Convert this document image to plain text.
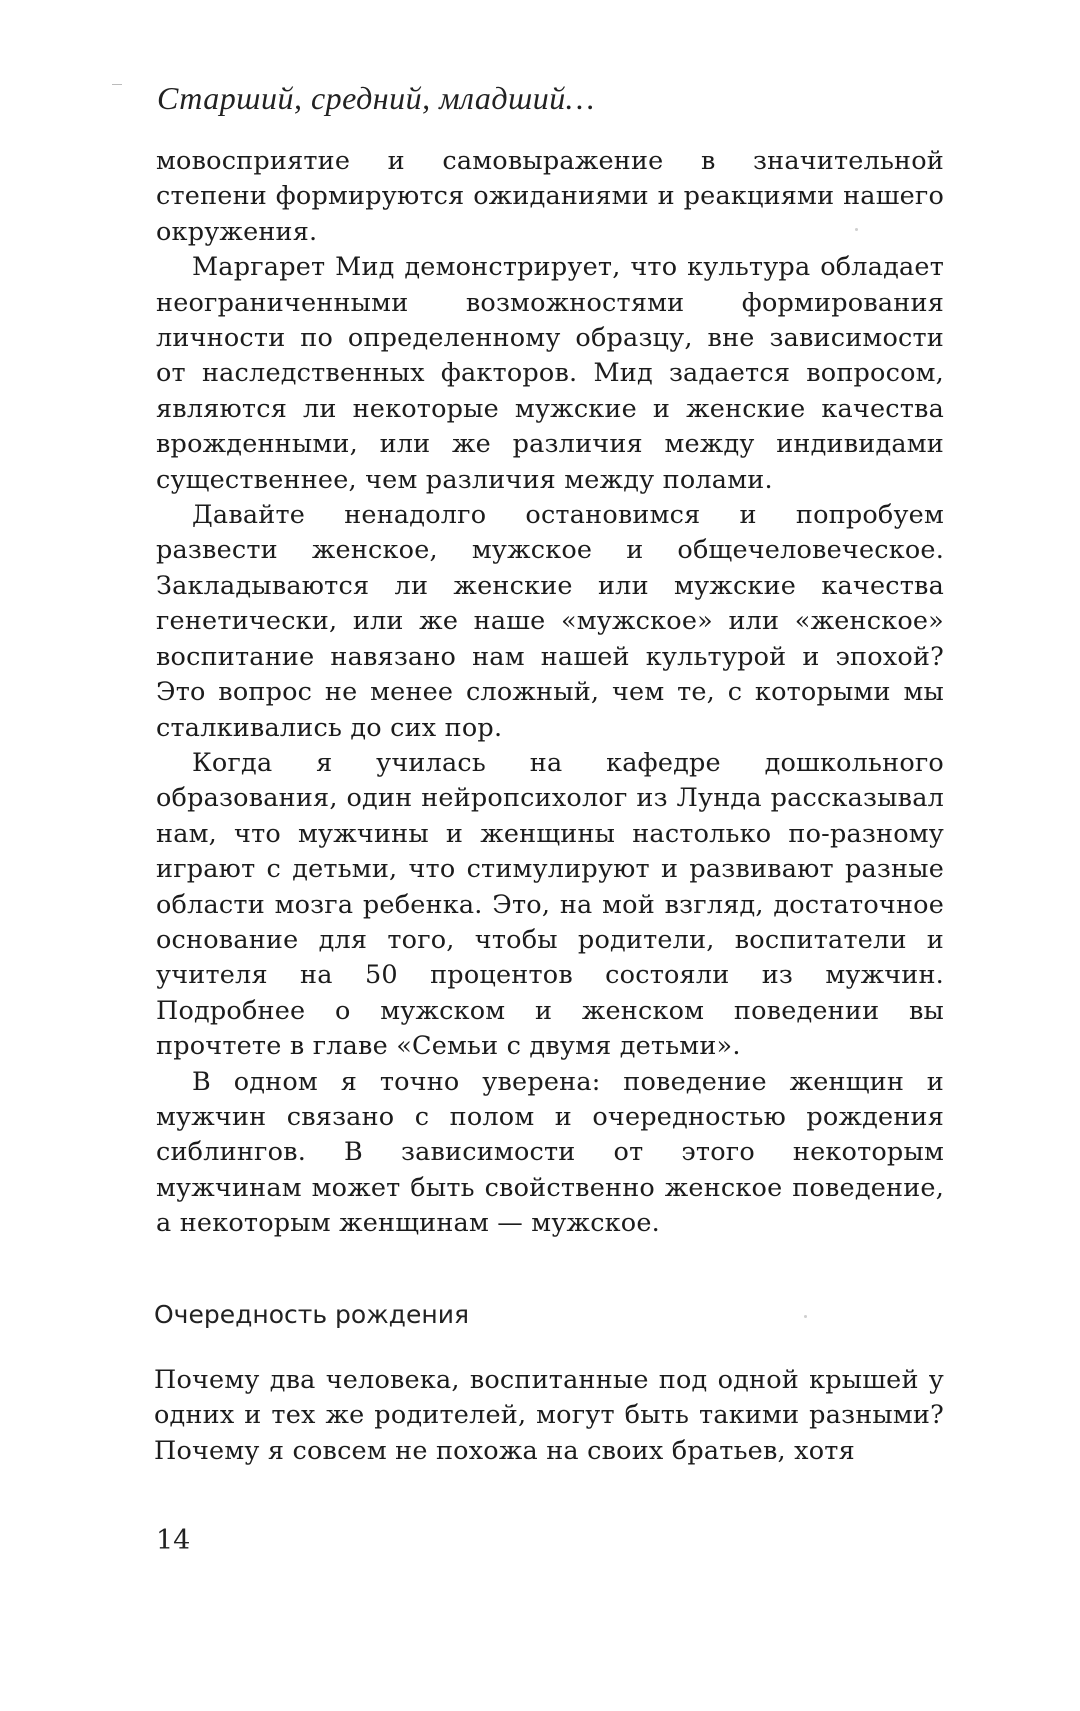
Старший, средний, младший…

мовосприятие и самовыражение в значительной степени формируются ожиданиями и реакциями нашего окружения.

Маргарет Мид демонстрирует, что культура обладает неограниченными возможностями формирования личности по определенному образцу, вне зависимости от наследственных факторов. Мид задается вопросом, являются ли некоторые мужские и женские качества врожденными, или же различия между индивидами существеннее, чем различия между полами.

Давайте ненадолго остановимся и попробуем развести женское, мужское и общечеловеческое. Закладываются ли женские или мужские качества генетически, или же наше «мужское» или «женское» воспитание навязано нам нашей культурой и эпохой? Это вопрос не менее сложный, чем те, с которыми мы сталкивались до сих пор.

Когда я училась на кафедре дошкольного образования, один нейропсихолог из Лунда рассказывал нам, что мужчины и женщины настолько по-разному играют с детьми, что стимулируют и развивают разные области мозга ребенка. Это, на мой взгляд, достаточное основание для того, чтобы родители, воспитатели и учителя на 50 процентов состояли из мужчин. Подробнее о мужском и женском поведении вы прочтете в главе «Семьи с двумя детьми».

В одном я точно уверена: поведение женщин и мужчин связано с полом и очередностью рождения сиблингов. В зависимости от этого некоторым мужчинам может быть свойственно женское поведение, а некоторым женщинам — мужское.

Очередность рождения

Почему два человека, воспитанные под одной крышей у одних и тех же родителей, могут быть такими разными? Почему я совсем не похожа на своих братьев, хотя

14
